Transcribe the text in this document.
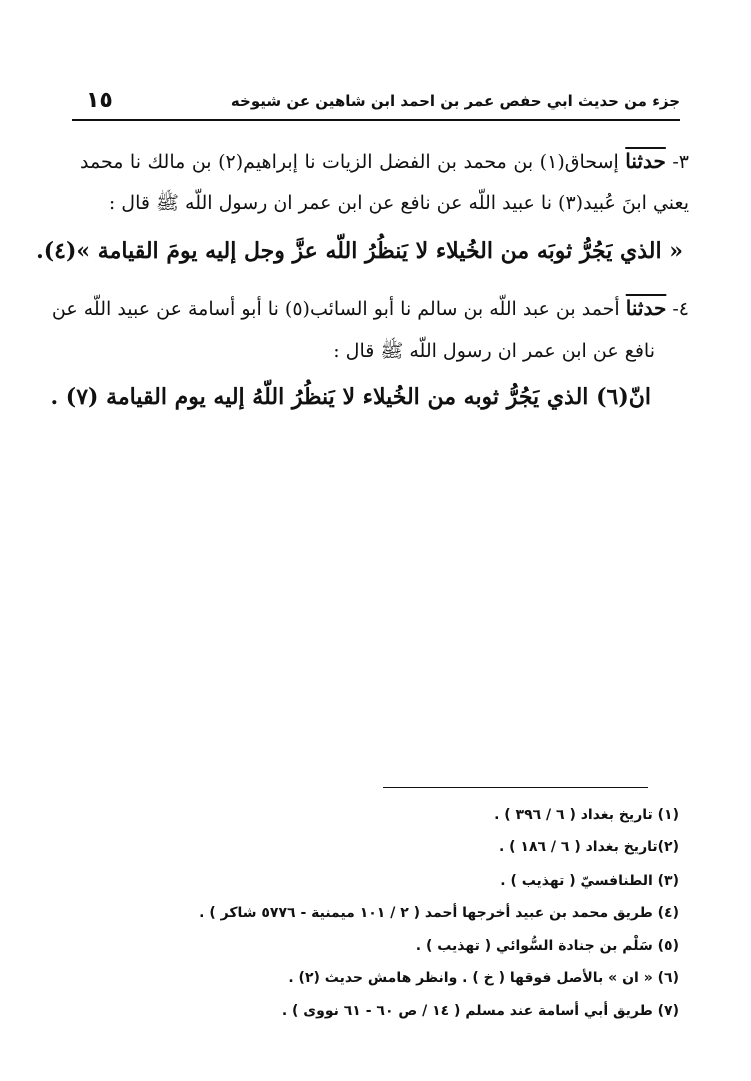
جزء من حديث ابي حفص عمر بن احمد ابن شاهين عن شيوخه
١٥
٣- حدثنا إسحاق(١) بن محمد بن الفضل الزيات نا إبراهيم(٢) بن مالك نا محمد
يعني ابنَ عُبيد(٣) نا عبيد اللّه عن نافع عن ابن عمر ان رسول اللّه ﷺ قال :
« الذي يَجُرُّ ثوبَه من الخُيلاء لا يَنظُرُ اللّه عزَّ وجل إليه يومَ القيامة »(٤).
٤- حدثنا أحمد بن عبد اللّه بن سالم نا أبو السائب(٥) نا أبو أسامة عن عبيد اللّه عن
نافع عن ابن عمر ان رسول اللّه ﷺ قال :
انّ(٦) الذي يَجُرُّ ثوبه من الخُيلاء لا يَنظُرُ اللّهُ إليه يوم القيامة (٧) .
(١) تاريخ بغداد ( ٦ / ٣٩٦ ) .
(٢)تاريخ بغداد ( ٦ / ١٨٦ ) .
(٣) الطنافسيّ ( تهذيب ) .
(٤) طريق محمد بن عبيد أخرجها أحمد ( ٢ / ١٠١ ميمنية - ٥٧٧٦ شاكر ) .
(٥) سَلْم بن جنادة السُّوائي ( تهذيب ) .
(٦) « ان » بالأصل فوقها ( خ ) . وانظر هامش حديث (٢) .
(٧) طريق أبي أسامة عند مسلم ( ١٤ / ص ٦٠ - ٦١ نووى ) .
